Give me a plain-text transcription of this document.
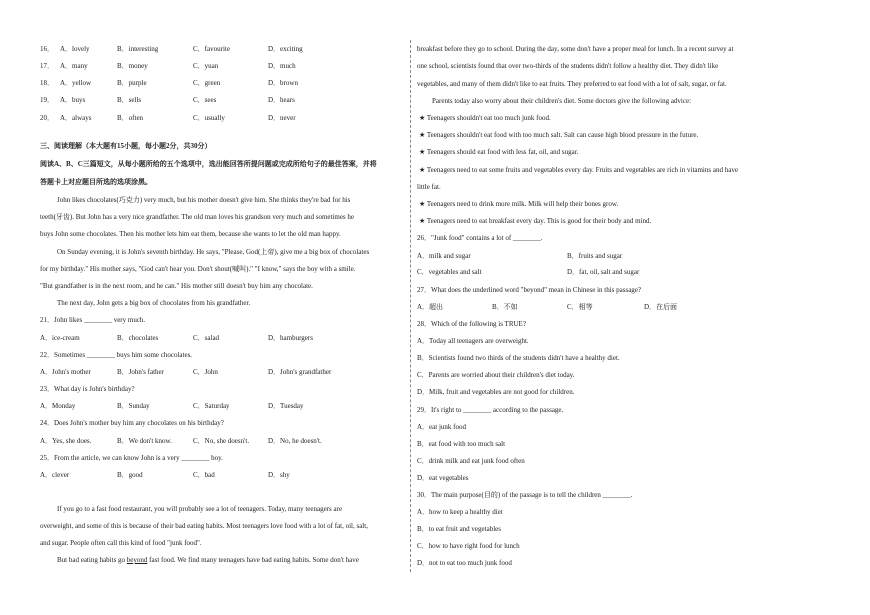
16． A．lovely	B．interesting	C．favourite	D．exciting
17． A．many	B．money	C．yuan	D．much
18． A．yellow	B．purple	C．green	D．brown
19． A．buys	B．sells	C．sees	D．hears
20． A．always	B．often	C．usually	D．never
三、阅读理解（本大题有15小题，每小题2分，共30分）
阅读A、B、C三篇短文，从每小题所给的五个选项中，选出能回答所提问题或完成所给句子的最佳答案，并将
答题卡上对应题目所选的选项涂黑。
John likes chocolates(巧克力) very much, but his mother doesn't give him. She thinks they're bad for his
teeth(牙齿). But John has a very nice grandfather. The old man loves his grandson very much and sometimes he
buys John some chocolates. Then his mother lets him eat them, because she wants to let the old man happy.
On Sunday evening, it is John's seventh birthday. He says, "Please, God(上帝), give me a big box of chocolates
for my birthday." His mother says, "God can't hear you. Don't shout(喊叫)." "I know," says the boy with a smile.
"But grandfather is in the next room, and he can." His mother still doesn't buy him any chocolate.
The next day, John gets a big box of chocolates from his grandfather.
21．John likes ________ very much.
A．ice-cream	B．chocolates	C．salad	D．hamburgers
22．Sometimes ________ buys him some chocolates.
A．John's mother	B．John's father	C．John	D．John's grandfather
23．What day is John's birthday?
A．Monday	B．Sunday	C．Saturday	D．Tuesday
24．Does John's mother buy him any chocolates on his birthday?
A．Yes, she does.	B．We don't know.	C．No, she doesn't.	D．No, he doesn't.
25．From the article, we can know John is a very ________ boy.
A．clever	B．good	C．bad	D．shy
If you go to a fast food restaurant, you will probably see a lot of teenagers. Today, many teenagers are
overweight, and some of this is because of their bad eating habits. Most teenagers love food with a lot of fat, oil, salt,
and sugar. People often call this kind of food "junk food".
But bad eating habits go beyond fast food. We find many teenagers have bad eating habits. Some don't have
breakfast before they go to school. During the day, some don't have a proper meal for lunch. In a recent survey at
one school, scientists found that over two-thirds of the students didn't follow a healthy diet. They didn't like
vegetables, and many of them didn't like to eat fruits. They preferred to eat food with a lot of salt, sugar, or fat.
Parents today also worry about their children's diet. Some doctors give the following advice:
★ Teenagers shouldn't eat too much junk food.
★ Teenagers shouldn't eat food with too much salt. Salt can cause high blood pressure in the future.
★ Teenagers should eat food with less fat, oil, and sugar.
★ Teenagers need to eat some fruits and vegetables every day. Fruits and vegetables are rich in vitamins and have
little fat.
★ Teenagers need to drink more milk. Milk will help their bones grow.
★ Teenagers need to eat breakfast every day. This is good for their body and mind.
26．"Junk food" contains a lot of ________.
A．milk and sugar	B．fruits and sugar
C．vegetables and salt	D．fat, oil, salt and sugar
27．What does the underlined word "beyond" mean in Chinese in this passage?
A．超出	B．不如	C．相等	D．在后面
28．Which of the following is TRUE?
A．Today all teenagers are overweight.
B．Scientists found two thirds of the students didn't have a healthy diet.
C．Parents are worried about their children's diet today.
D．Milk, fruit and vegetables are not good for children.
29．It's right to ________ according to the passage.
A．eat junk food
B．eat food with too much salt
C．drink milk and eat junk food often
D．eat vegetables
30．The main purpose(目的) of the passage is to tell the children ________.
A．how to keep a healthy diet
B．to eat fruit and vegetables
C．how to have right food for lunch
D．not to eat too much junk food
